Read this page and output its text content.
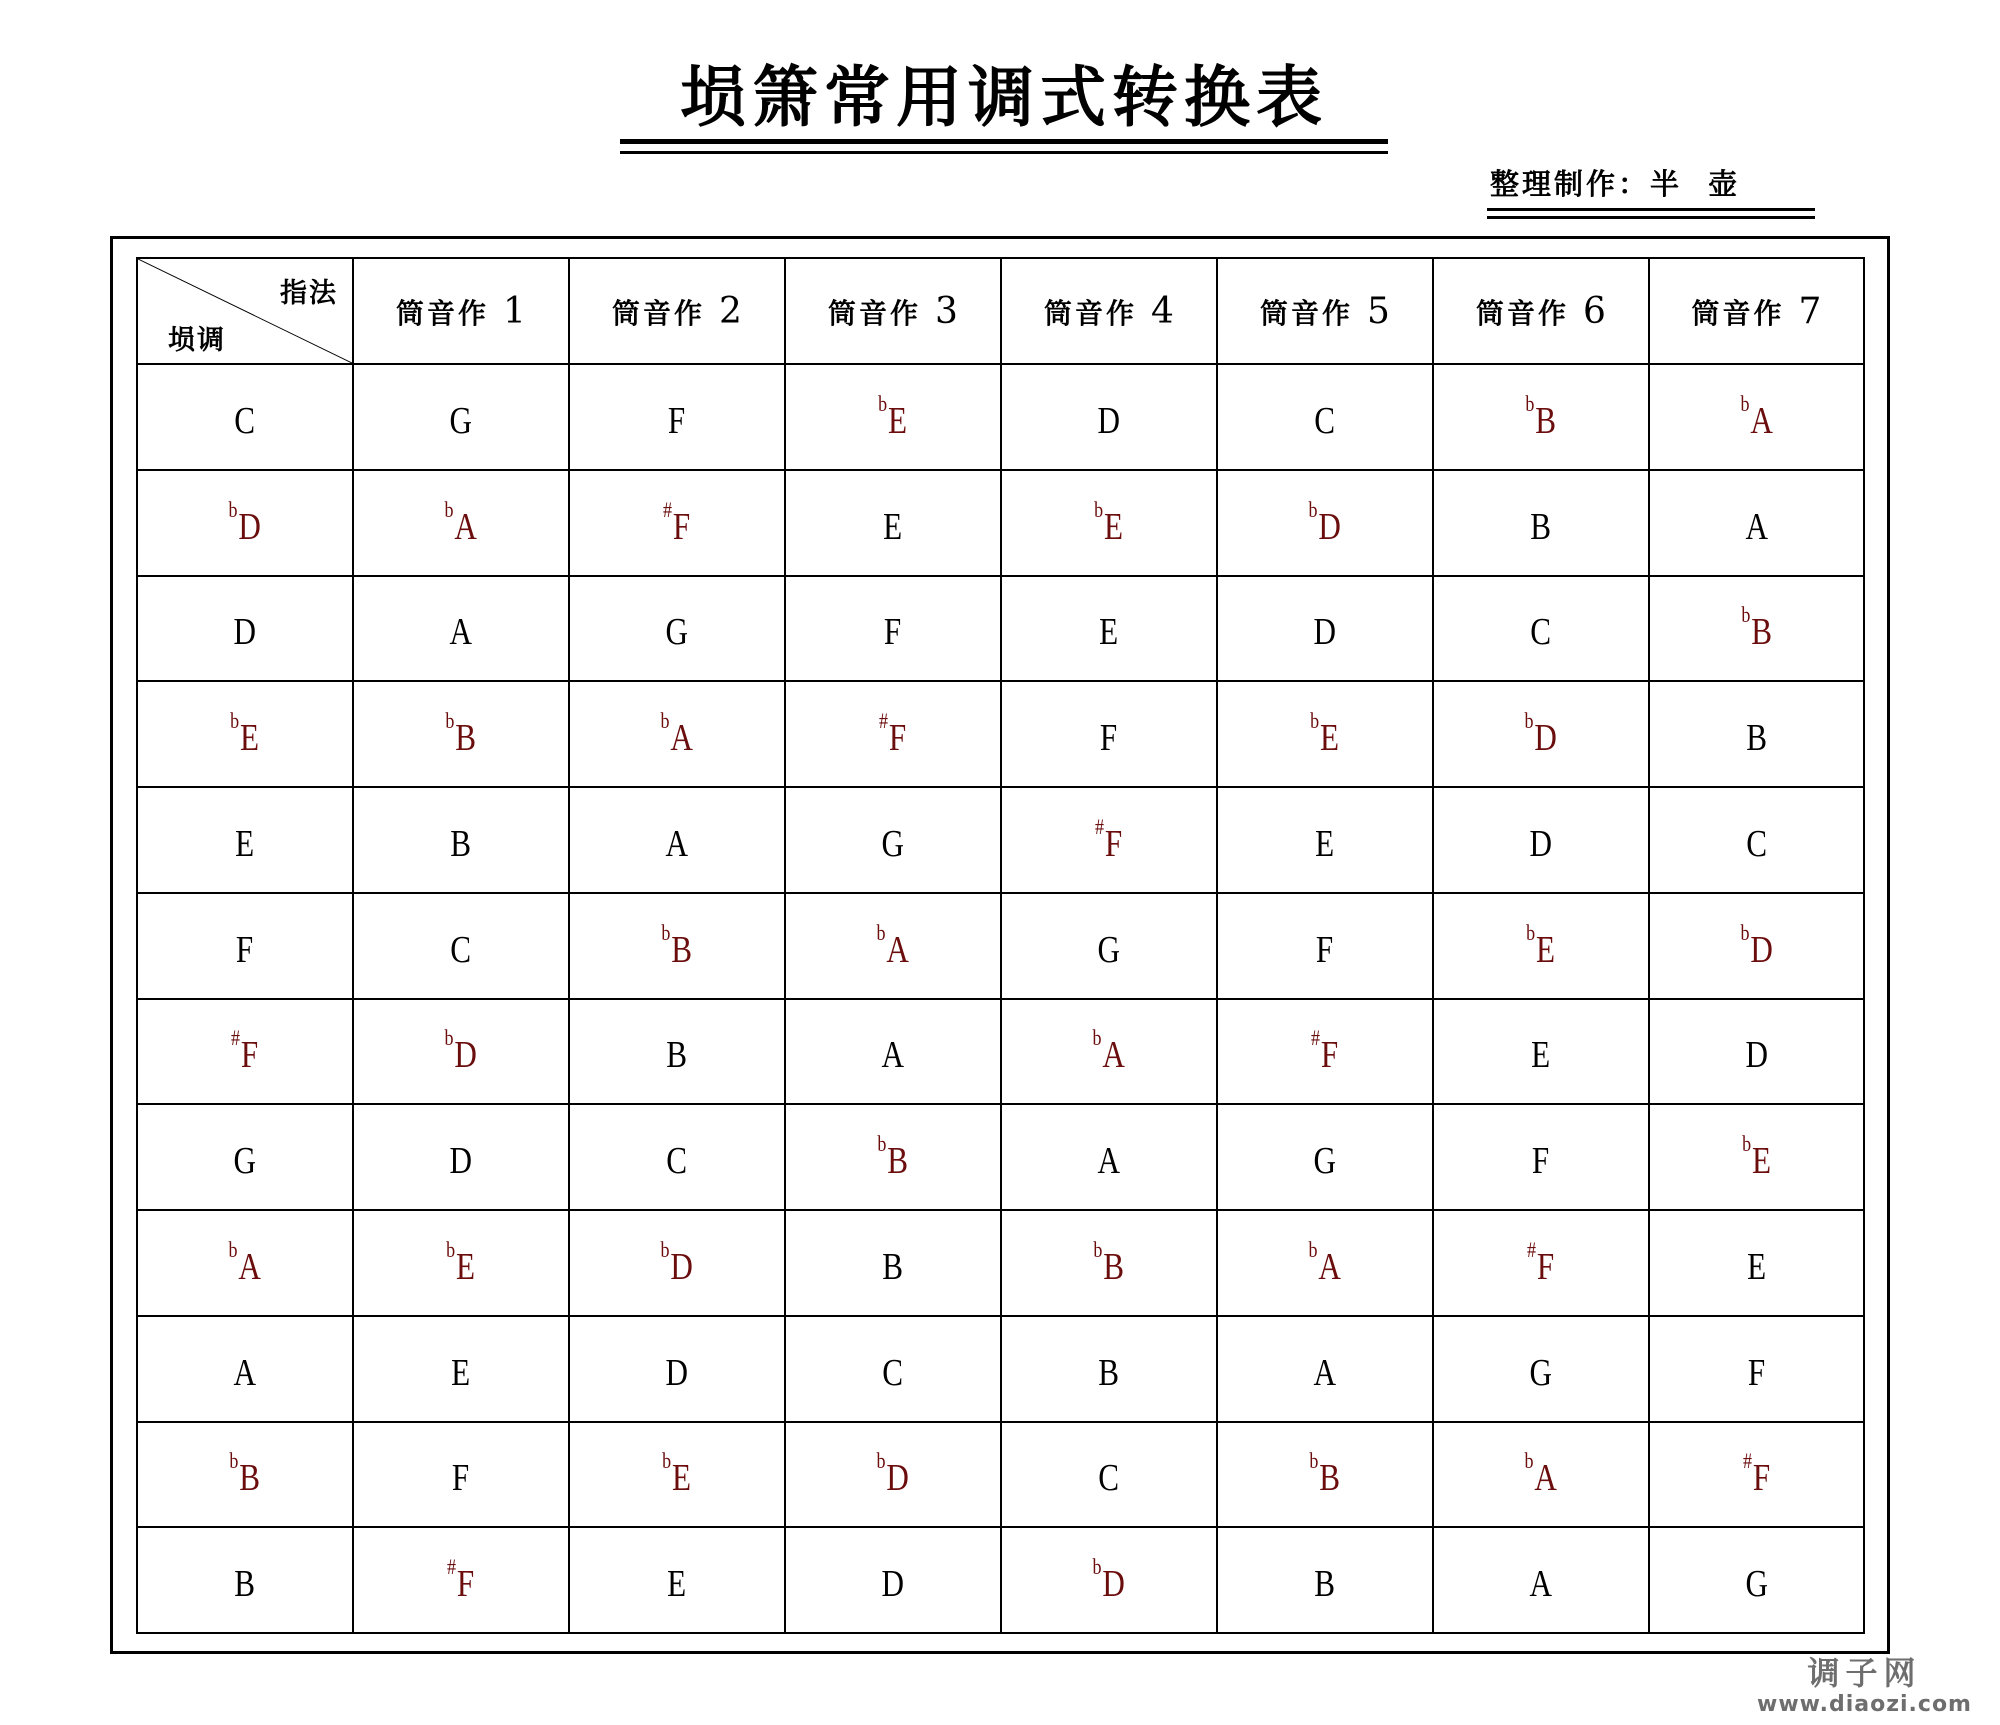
埙箫常用调式转换表
整理制作：半  壶
指法
埙调	筒音作 1	筒音作 2	筒音作 3	筒音作 4	筒音作 5	筒音作 6	筒音作 7
C	G	F	$^b$E	D	C	$^b$B	$^b$A
$^b$D	$^b$A	#F	E	$^b$E	$^b$D	B	A
D	A	G	F	E	D	C	$^b$B
$^b$E	$^b$B	$^b$A	#F	F	$^b$E	$^b$D	B
E	B	A	G	#F	E	D	C
F	C	$^b$B	$^b$A	G	F	$^b$E	$^b$D
#F	$^b$D	B	A	$^b$A	#F	E	D
G	D	C	$^b$B	A	G	F	$^b$E
$^b$A	$^b$E	$^b$D	B	$^b$B	$^b$A	#F	E
A	E	D	C	B	A	G	F
$^b$B	F	$^b$E	$^b$D	C	$^b$B	$^b$A	#F
B	#F	E	D	$^b$D	B	A	G
调子网
www.diaozi.com
